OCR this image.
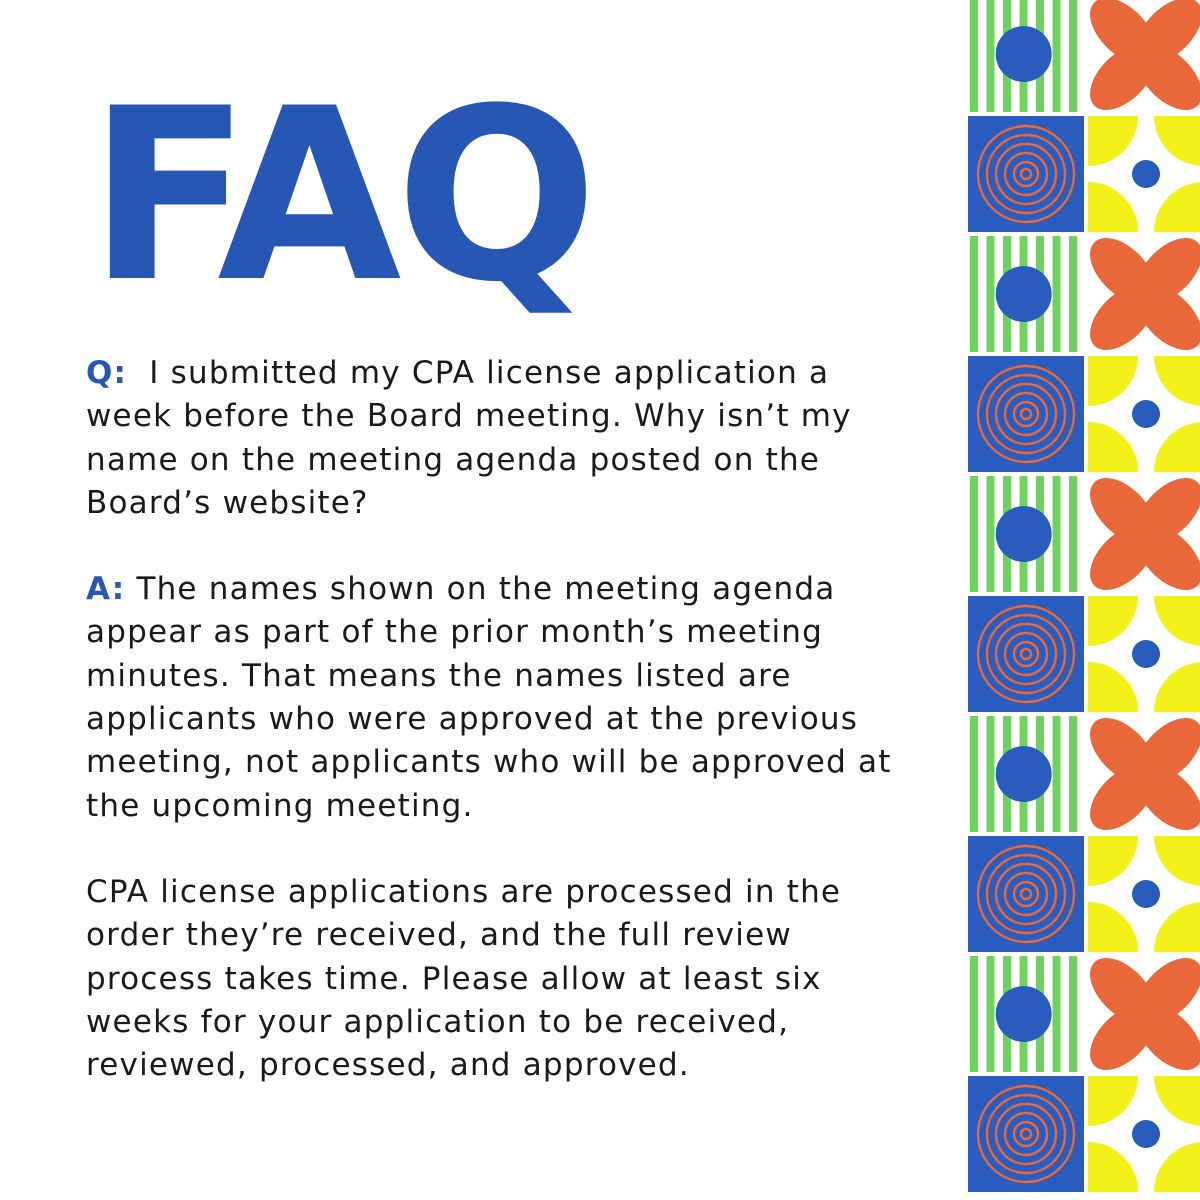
FAQ

Q: I submitted my CPA license application a week before the Board meeting. Why isn’t my name on the meeting agenda posted on the Board’s website?

A: The names shown on the meeting agenda appear as part of the prior month’s meeting minutes. That means the names listed are applicants who were approved at the previous meeting, not applicants who will be approved at the upcoming meeting.

CPA license applications are processed in the order they’re received, and the full review process takes time. Please allow at least six weeks for your application to be received, reviewed, processed, and approved.
